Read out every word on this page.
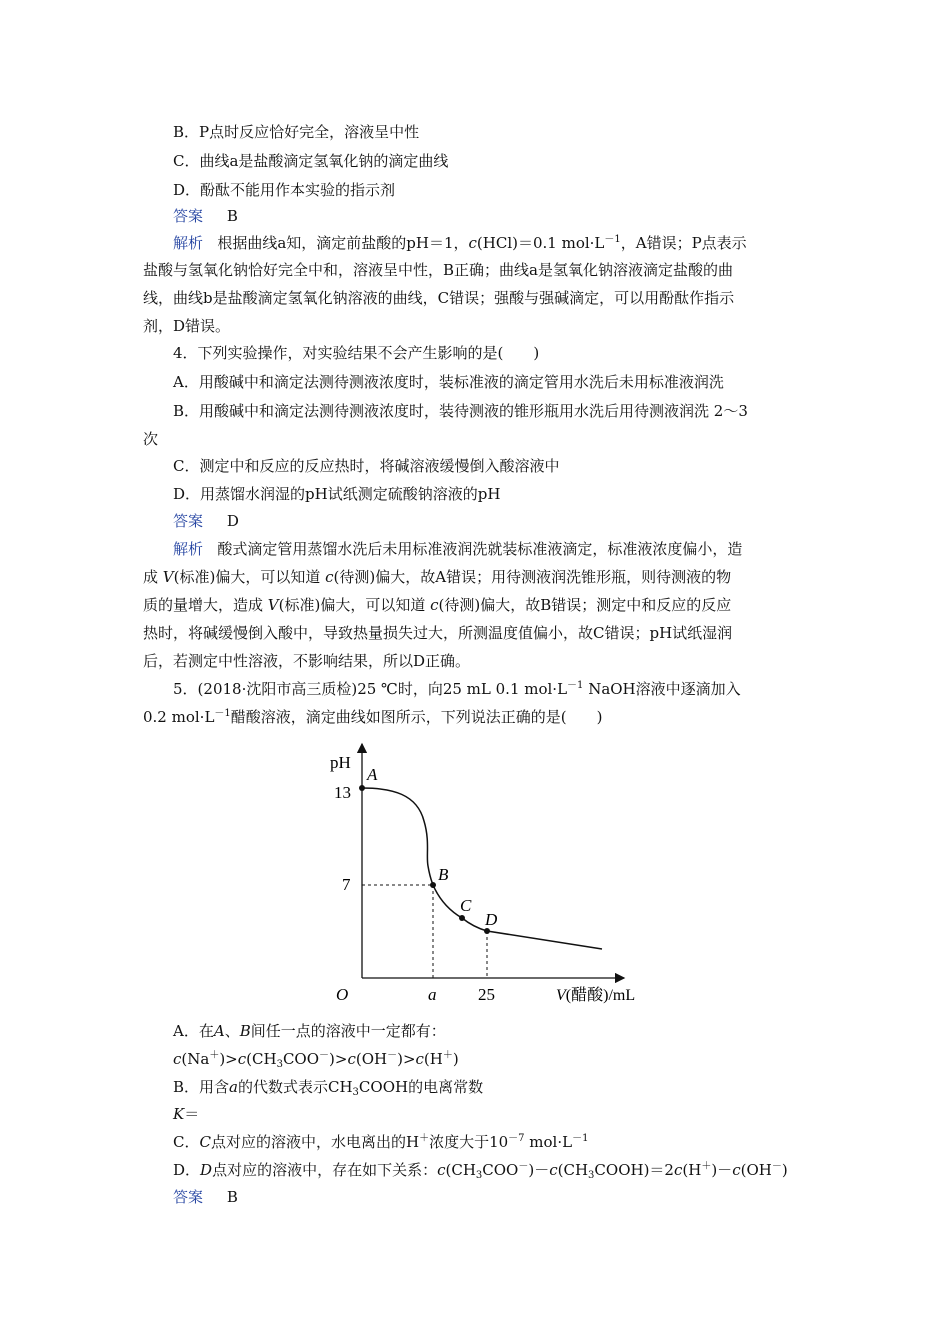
B．P点时反应恰好完全，溶液呈中性
C．曲线a是盐酸滴定氢氧化钠的滴定曲线
D．酚酞不能用作本实验的指示剂
答案 B
解析 根据曲线a知，滴定前盐酸的pH＝1，c(HCl)＝0.1 $mol\cdot L^{-1}$，A错误；P点表示
盐酸与氢氧化钠恰好完全中和，溶液呈中性，B正确；曲线a是氢氧化钠溶液滴定盐酸的曲
线，曲线b是盐酸滴定氢氧化钠溶液的曲线，C错误；强酸与强碱滴定，可以用酚酞作指示
剂，D错误。
4．下列实验操作，对实验结果不会产生影响的是(　　)
A．用酸碱中和滴定法测待测液浓度时，装标准液的滴定管用水洗后未用标准液润洗
B．用酸碱中和滴定法测待测液浓度时，装待测液的锥形瓶用水洗后用待测液润洗 2～3
次
C．测定中和反应的反应热时，将碱溶液缓慢倒入酸溶液中
D．用蒸馏水润湿的pH试纸测定硫酸钠溶液的pH
答案 D
解析 酸式滴定管用蒸馏水洗后未用标准液润洗就装标准液滴定，标准液浓度偏小，造
成 V(标准)偏大，可以知道 c(待测)偏大，故A错误；用待测液润洗锥形瓶，则待测液的物
质的量增大，造成 V(标准)偏大，可以知道 c(待测)偏大，故B错误；测定中和反应的反应
热时，将碱缓慢倒入酸中，导致热量损失过大，所测温度值偏小，故C错误；pH试纸湿润
后，若测定中性溶液，不影响结果，所以D正确。
5．(2018·沈阳市高三质检)25 ℃时，向25 mL 0.1 $mol\cdot L^{-1}$ NaOH溶液中逐滴加入
0.2 $mol\cdot L^{-1}$醋酸溶液，滴定曲线如图所示，下列说法正确的是(　　)
pH
O
13
7
a 25	V(醋酸)/mL
A
B
C
D
A．在A、B间任一点的溶液中一定都有：
$c(Na^+)>c(CH_3COO^-)>c(OH^-)>c(H^+)$
B．用含a的代数式表示$CH_3COOH$的电离常数
K＝
C．C点对应的溶液中，水电离出的H＋浓度大于$10^{-7}$ $mol\cdot L^{-1}$
D．D点对应的溶液中，存在如下关系：$c(CH_3COO^-)-c(CH_3COOH)=2c(H^+)-c(OH^-)$
答案 B
